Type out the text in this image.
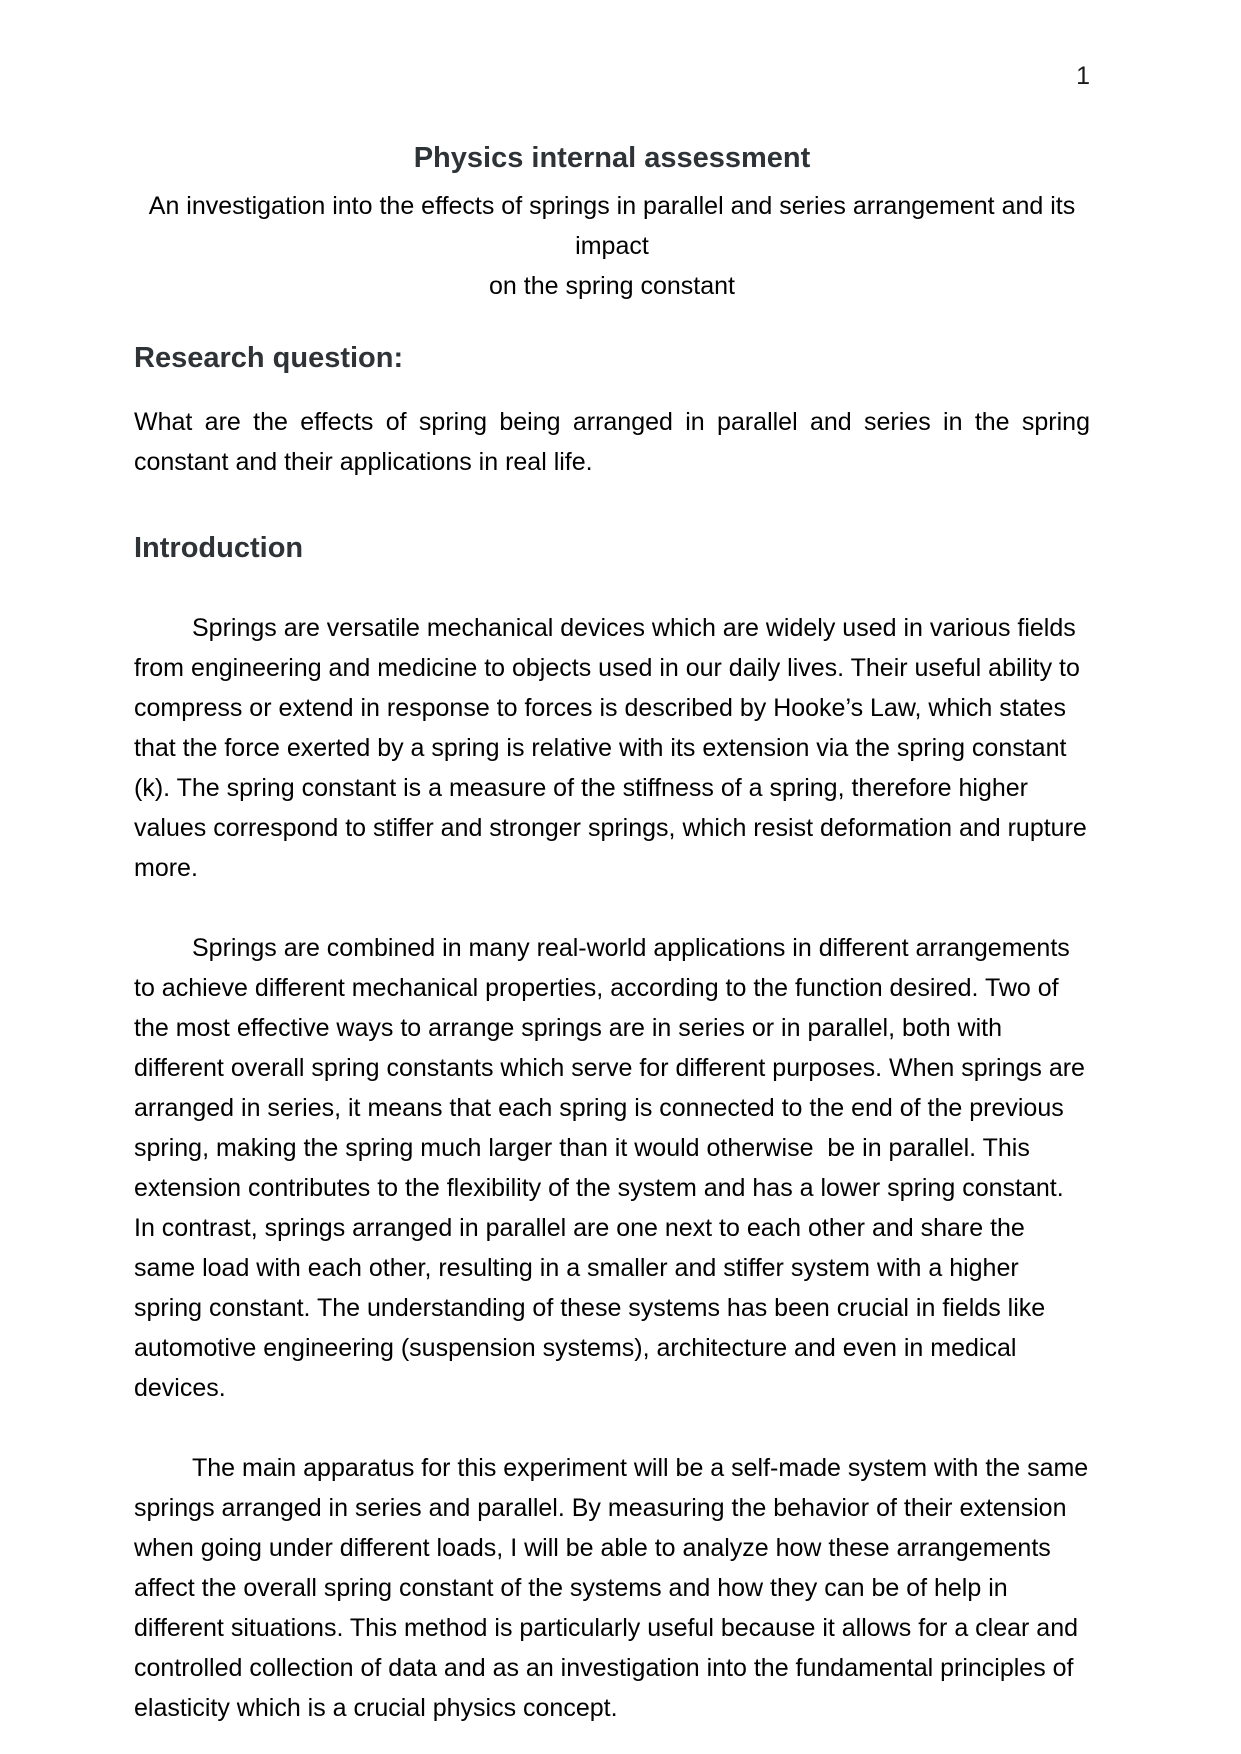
1
Physics internal assessment
An investigation into the effects of springs in parallel and series arrangement and its impact
on the spring constant
Research question:
What are the effects of spring being arranged in parallel and series in the spring constant and their applications in real life.
Introduction
Springs are versatile mechanical devices which are widely used in various fields from engineering and medicine to objects used in our daily lives. Their useful ability to compress or extend in response to forces is described by Hooke’s Law, which states that the force exerted by a spring is relative with its extension via the spring constant (k). The spring constant is a measure of the stiffness of a spring, therefore higher values correspond to stiffer and stronger springs, which resist deformation and rupture more.
Springs are combined in many real-world applications in different arrangements to achieve different mechanical properties, according to the function desired. Two of the most effective ways to arrange springs are in series or in parallel, both with different overall spring constants which serve for different purposes. When springs are arranged in series, it means that each spring is connected to the end of the previous spring, making the spring much larger than it would otherwise  be in parallel. This extension contributes to the flexibility of the system and has a lower spring constant. In contrast, springs arranged in parallel are one next to each other and share the same load with each other, resulting in a smaller and stiffer system with a higher spring constant. The understanding of these systems has been crucial in fields like automotive engineering (suspension systems), architecture and even in medical devices.
The main apparatus for this experiment will be a self-made system with the same springs arranged in series and parallel. By measuring the behavior of their extension when going under different loads, I will be able to analyze how these arrangements affect the overall spring constant of the systems and how they can be of help in different situations. This method is particularly useful because it allows for a clear and controlled collection of data and as an investigation into the fundamental principles of elasticity which is a crucial physics concept.
